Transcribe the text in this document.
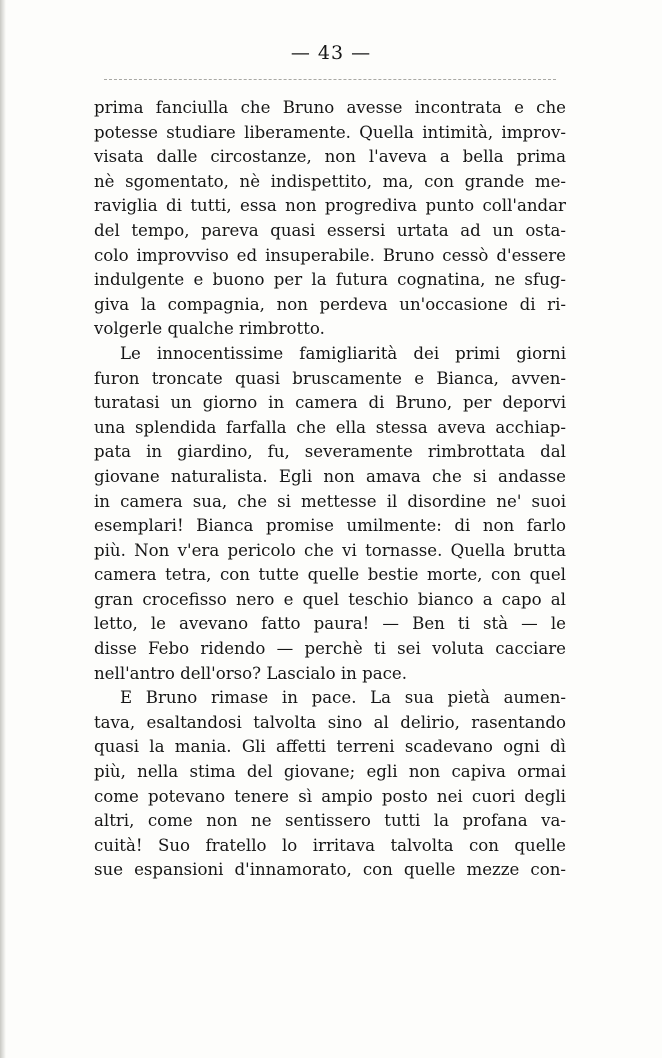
— 43 —
prima fanciulla che Bruno avesse incontrata e che
potesse studiare liberamente. Quella intimità, improv-
visata dalle circostanze, non l'aveva a bella prima
nè sgomentato, nè indispettito, ma, con grande me-
raviglia di tutti, essa non progrediva punto coll'andar
del tempo, pareva quasi essersi urtata ad un osta-
colo improvviso ed insuperabile. Bruno cessò d'essere
indulgente e buono per la futura cognatina, ne sfug-
giva la compagnia, non perdeva un'occasione di ri-
volgerle qualche rimbrotto.
Le innocentissime famigliarità dei primi giorni
furon troncate quasi bruscamente e Bianca, avven-
turatasi un giorno in camera di Bruno, per deporvi
una splendida farfalla che ella stessa aveva acchiap-
pata in giardino, fu, severamente rimbrottata dal
giovane naturalista. Egli non amava che si andasse
in camera sua, che si mettesse il disordine ne' suoi
esemplari! Bianca promise umilmente: di non farlo
più. Non v'era pericolo che vi tornasse. Quella brutta
camera tetra, con tutte quelle bestie morte, con quel
gran crocefisso nero e quel teschio bianco a capo al
letto, le avevano fatto paura! — Ben ti stà — le
disse Febo ridendo — perchè ti sei voluta cacciare
nell'antro dell'orso? Lascialo in pace.
E Bruno rimase in pace. La sua pietà aumen-
tava, esaltandosi talvolta sino al delirio, rasentando
quasi la mania. Gli affetti terreni scadevano ogni dì
più, nella stima del giovane; egli non capiva ormai
come potevano tenere sì ampio posto nei cuori degli
altri, come non ne sentissero tutti la profana va-
cuità! Suo fratello lo irritava talvolta con quelle
sue espansioni d'innamorato, con quelle mezze con-
